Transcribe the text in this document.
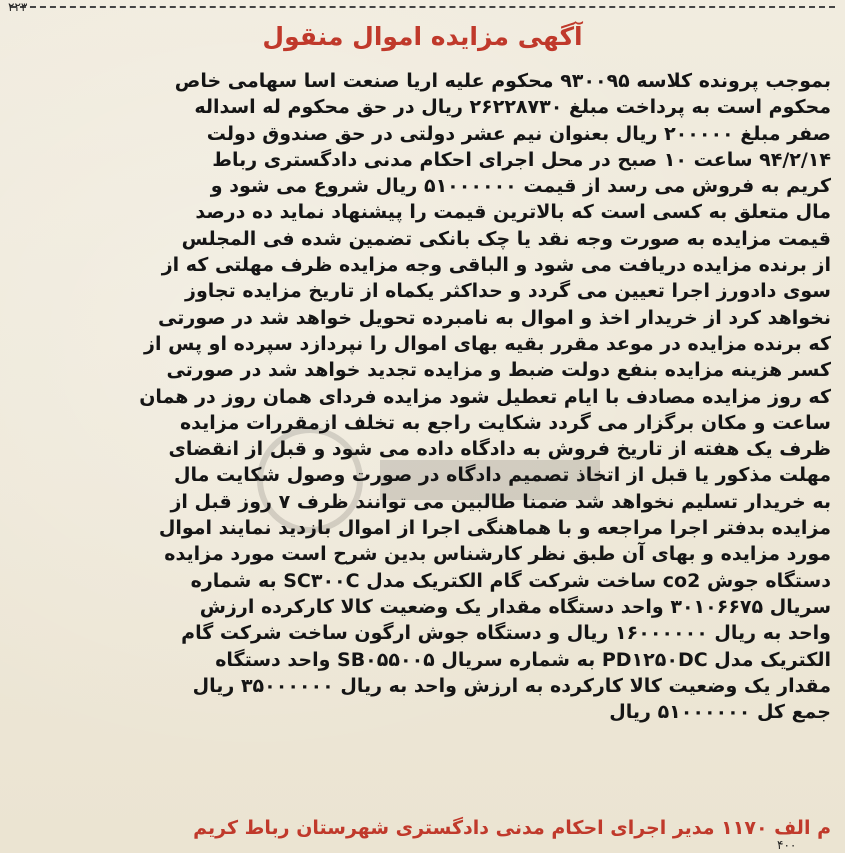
۲۲۳
آگهی مزایده اموال منقول
بموجب پرونده کلاسه ۹۳۰۰۹۵ محکوم علیه اریا صنعت اسا سهامی خاص
محکوم است به پرداخت مبلغ ۲۶۲۲۸۷۳۰ ریال در حق محکوم له اسداله
صفر مبلغ ۲۰۰۰۰۰ ریال بعنوان نیم عشر دولتی در حق صندوق دولت
۹۴/۲/۱۴ ساعت ۱۰ صبح در محل اجرای احکام مدنی دادگستری رباط
کریم به فروش می رسد از قیمت ۵۱۰۰۰۰۰۰ ریال شروع می شود و
مال متعلق به کسی است که بالاترین قیمت را پیشنهاد نماید ده درصد
قیمت مزایده به صورت وجه نقد یا چک بانکی تضمین شده فی المجلس
از برنده مزایده دریافت می شود و الباقی وجه مزایده ظرف مهلتی که از
سوی دادورز اجرا تعیین می گردد و حداکثر یکماه از تاریخ مزایده تجاوز
نخواهد کرد از خریدار اخذ و اموال به نامبرده تحویل خواهد شد در صورتی
که برنده مزایده در موعد مقرر بقیه بهای اموال را نپردازد سپرده او پس از
کسر هزینه مزایده بنفع دولت ضبط و مزایده تجدید خواهد شد در صورتی
که روز مزایده مصادف با ایام تعطیل شود مزایده فردای همان روز در همان
ساعت و مکان برگزار می گردد شکایت راجع به تخلف ازمقررات مزایده
ظرف یک هفته از تاریخ فروش به دادگاه داده می شود و قبل از انقضای
مهلت مذکور یا قبل از اتخاذ تصمیم دادگاه در صورت وصول شکایت مال
به خریدار تسلیم نخواهد شد ضمنا طالبین می توانند ظرف ۷ روز قبل از
مزایده بدفتر اجرا مراجعه و با هماهنگی اجرا از اموال بازدید نمایند اموال
مورد مزایده و بهای آن طبق نظر کارشناس بدین شرح است مورد مزایده
دستگاه جوش co2 ساخت شرکت گام الکتریک مدل SC۳۰۰C به شماره
سریال ۳۰۱۰۶۶۷۵ واحد دستگاه مقدار یک وضعیت کالا کارکرده ارزش
واحد به ریال ۱۶۰۰۰۰۰۰ ریال و دستگاه جوش ارگون ساخت شرکت گام
الکتریک مدل PD۱۲۵۰DC به شماره سریال SB۰۵۵۰۰۵ واحد دستگاه
مقدار یک وضعیت کالا کارکرده به ارزش واحد به ریال ۳۵۰۰۰۰۰۰ ریال
جمع کل ۵۱۰۰۰۰۰۰ ریال
م الف ۱۱۷۰ مدیر اجرای احکام مدنی دادگستری شهرستان رباط کریم
۴۰۰
